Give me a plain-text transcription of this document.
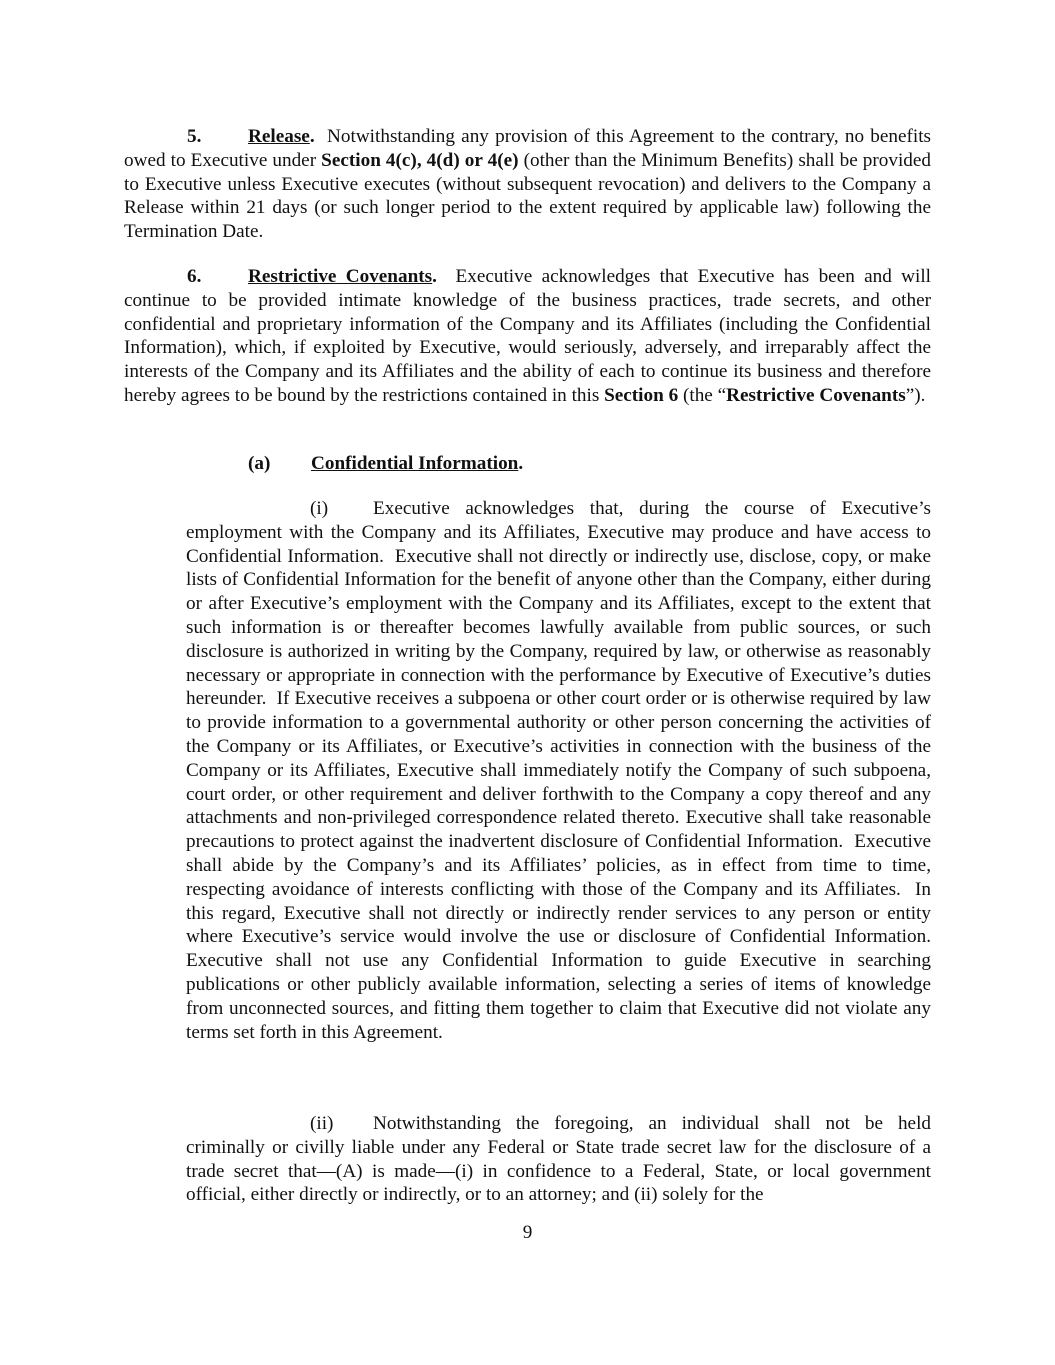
5. Release.  Notwithstanding any provision of this Agreement to the contrary, no benefits owed to Executive under Section 4(c), 4(d) or 4(e) (other than the Minimum Benefits) shall be provided to Executive unless Executive executes (without subsequent revocation) and delivers to the Company a Release within 21 days (or such longer period to the extent required by applicable law) following the Termination Date.

6. Restrictive Covenants.  Executive acknowledges that Executive has been and will continue to be provided intimate knowledge of the business practices, trade secrets, and other confidential and proprietary information of the Company and its Affiliates (including the Confidential Information), which, if exploited by Executive, would seriously, adversely, and irreparably affect the interests of the Company and its Affiliates and the ability of each to continue its business and therefore hereby agrees to be bound by the restrictions contained in this Section 6 (the “Restrictive Covenants”).

(a) Confidential Information.

(i) Executive acknowledges that, during the course of Executive’s employment with the Company and its Affiliates, Executive may produce and have access to Confidential Information.  Executive shall not directly or indirectly use, disclose, copy, or make lists of Confidential Information for the benefit of anyone other than the Company, either during or after Executive’s employment with the Company and its Affiliates, except to the extent that such information is or thereafter becomes lawfully available from public sources, or such disclosure is authorized in writing by the Company, required by law, or otherwise as reasonably necessary or appropriate in connection with the performance by Executive of Executive’s duties hereunder.  If Executive receives a subpoena or other court order or is otherwise required by law to provide information to a governmental authority or other person concerning the activities of the Company or its Affiliates, or Executive’s activities in connection with the business of the Company or its Affiliates, Executive shall immediately notify the Company of such subpoena, court order, or other requirement and deliver forthwith to the Company a copy thereof and any attachments and non-privileged correspondence related thereto. Executive shall take reasonable precautions to protect against the inadvertent disclosure of Confidential Information.  Executive shall abide by the Company’s and its Affiliates’ policies, as in effect from time to time, respecting avoidance of interests conflicting with those of the Company and its Affiliates.  In this regard, Executive shall not directly or indirectly render services to any person or entity where Executive’s service would involve the use or disclosure of Confidential Information.  Executive shall not use any Confidential Information to guide Executive in searching publications or other publicly available information, selecting a series of items of knowledge from unconnected sources, and fitting them together to claim that Executive did not violate any terms set forth in this Agreement.

(ii) Notwithstanding the foregoing, an individual shall not be held criminally or civilly liable under any Federal or State trade secret law for the disclosure of a trade secret that—(A) is made—(i) in confidence to a Federal, State, or local government official, either directly or indirectly, or to an attorney; and (ii) solely for the

9
